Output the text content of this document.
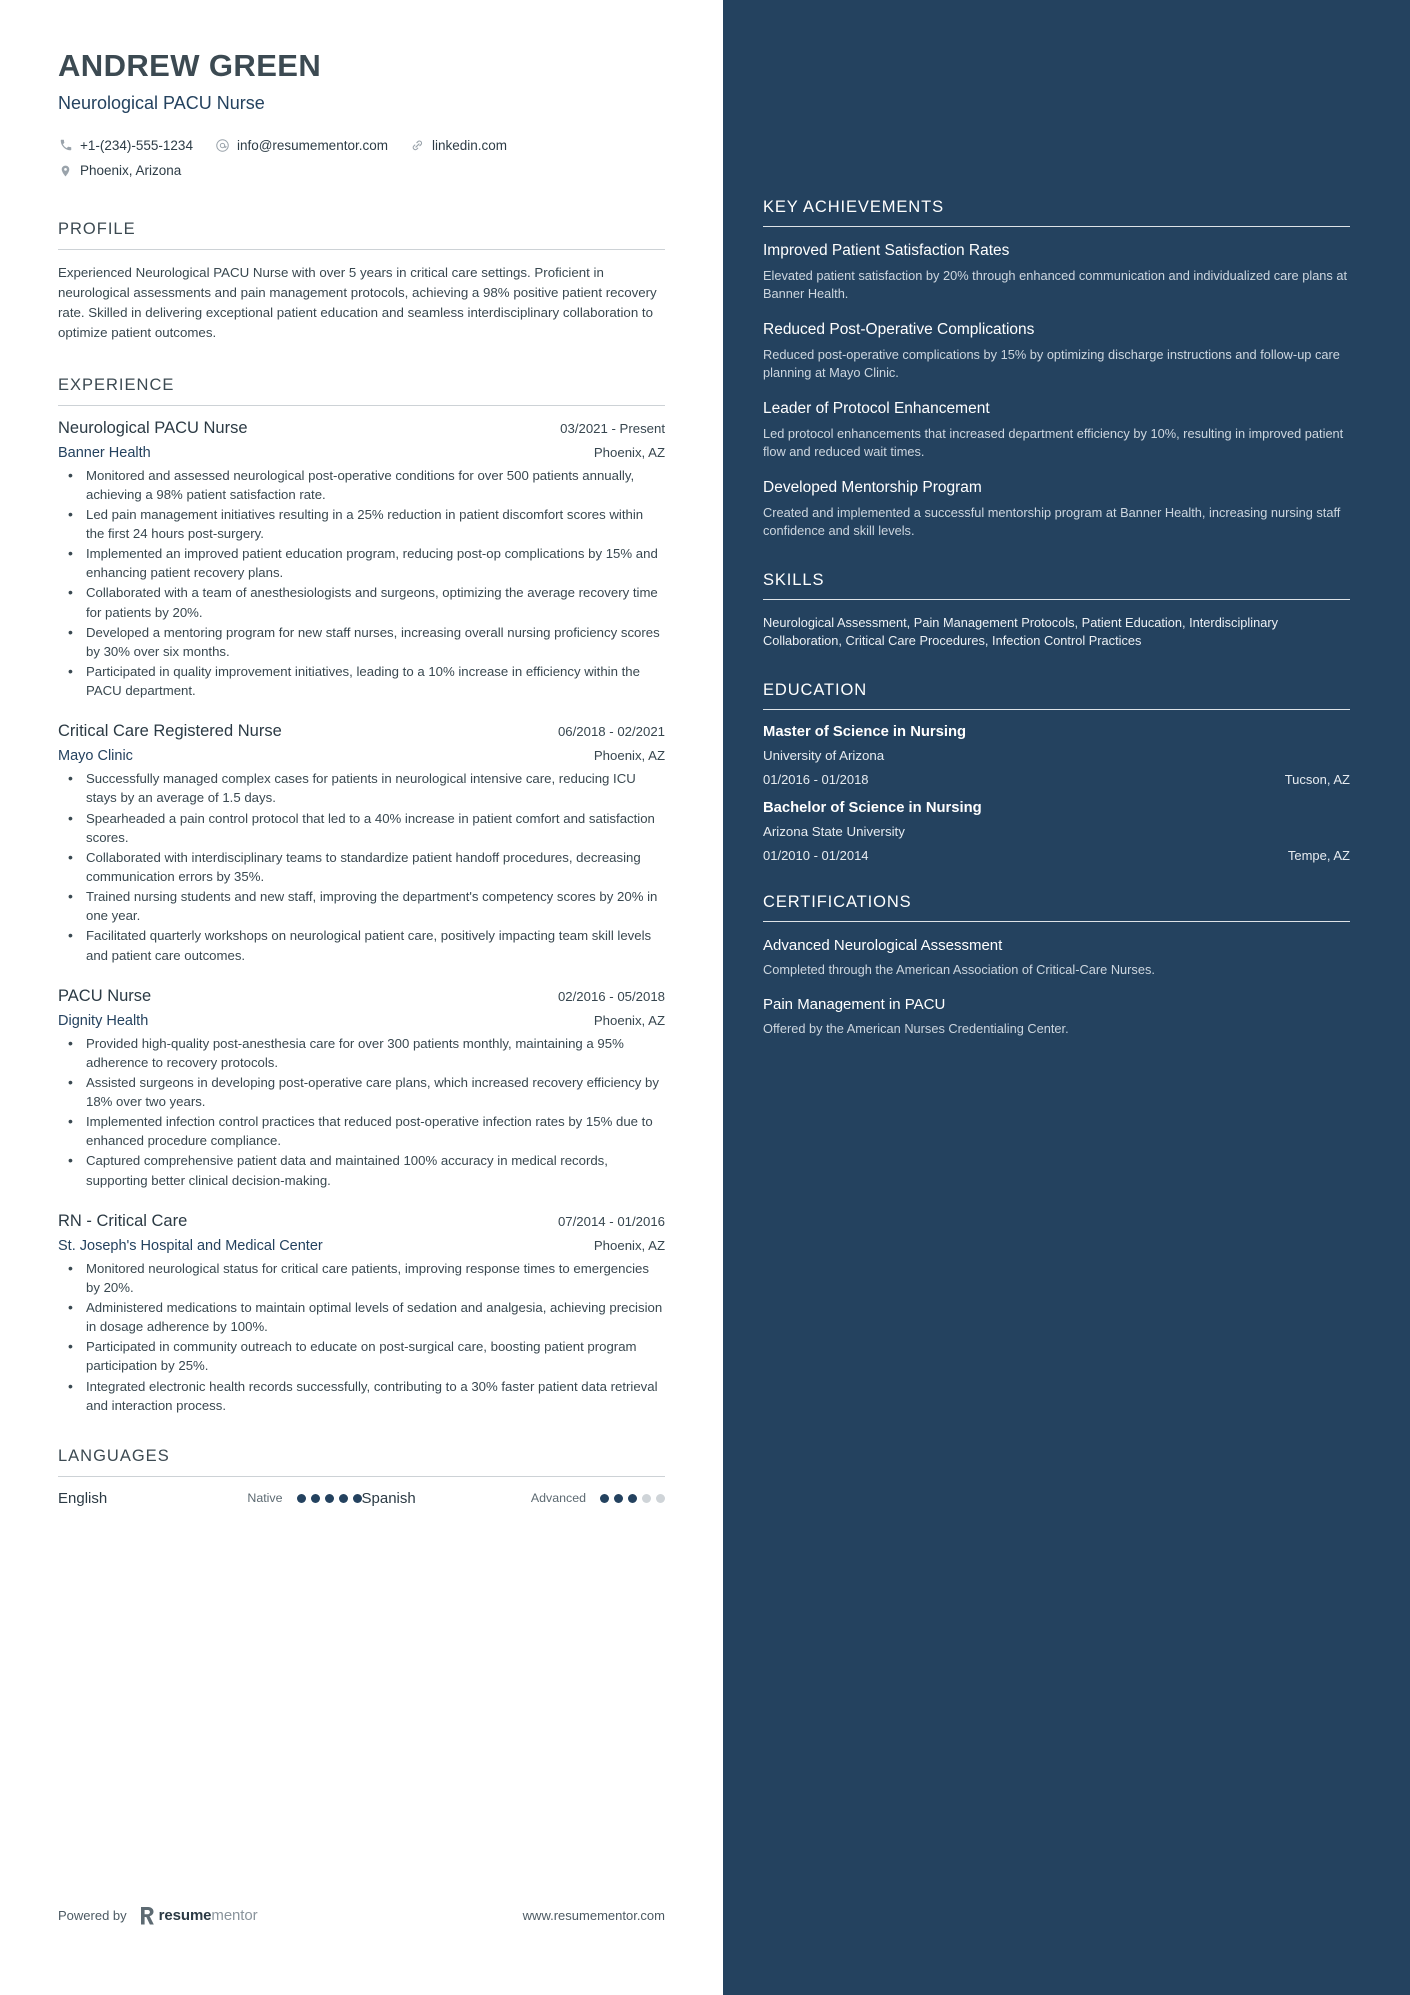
ANDREW GREEN
Neurological PACU Nurse
+1-(234)-555-1234	info@resumementor.com	linkedin.com
Phoenix, Arizona
PROFILE
Experienced Neurological PACU Nurse with over 5 years in critical care settings. Proficient in neurological assessments and pain management protocols, achieving a 98% positive patient recovery rate. Skilled in delivering exceptional patient education and seamless interdisciplinary collaboration to optimize patient outcomes.
EXPERIENCE
Neurological PACU Nurse	03/2021 - Present
Banner Health	Phoenix, AZ
• Monitored and assessed neurological post-operative conditions for over 500 patients annually, achieving a 98% patient satisfaction rate.
• Led pain management initiatives resulting in a 25% reduction in patient discomfort scores within the first 24 hours post-surgery.
• Implemented an improved patient education program, reducing post-op complications by 15% and enhancing patient recovery plans.
• Collaborated with a team of anesthesiologists and surgeons, optimizing the average recovery time for patients by 20%.
• Developed a mentoring program for new staff nurses, increasing overall nursing proficiency scores by 30% over six months.
• Participated in quality improvement initiatives, leading to a 10% increase in efficiency within the PACU department.
Critical Care Registered Nurse	06/2018 - 02/2021
Mayo Clinic	Phoenix, AZ
• Successfully managed complex cases for patients in neurological intensive care, reducing ICU stays by an average of 1.5 days.
• Spearheaded a pain control protocol that led to a 40% increase in patient comfort and satisfaction scores.
• Collaborated with interdisciplinary teams to standardize patient handoff procedures, decreasing communication errors by 35%.
• Trained nursing students and new staff, improving the department's competency scores by 20% in one year.
• Facilitated quarterly workshops on neurological patient care, positively impacting team skill levels and patient care outcomes.
PACU Nurse	02/2016 - 05/2018
Dignity Health	Phoenix, AZ
• Provided high-quality post-anesthesia care for over 300 patients monthly, maintaining a 95% adherence to recovery protocols.
• Assisted surgeons in developing post-operative care plans, which increased recovery efficiency by 18% over two years.
• Implemented infection control practices that reduced post-operative infection rates by 15% due to enhanced procedure compliance.
• Captured comprehensive patient data and maintained 100% accuracy in medical records, supporting better clinical decision-making.
RN - Critical Care	07/2014 - 01/2016
St. Joseph's Hospital and Medical Center	Phoenix, AZ
• Monitored neurological status for critical care patients, improving response times to emergencies by 20%.
• Administered medications to maintain optimal levels of sedation and analgesia, achieving precision in dosage adherence by 100%.
• Participated in community outreach to educate on post-surgical care, boosting patient program participation by 25%.
• Integrated electronic health records successfully, contributing to a 30% faster patient data retrieval and interaction process.
LANGUAGES
English	Native	Spanish	Advanced
Powered by resumementor	www.resumementor.com
KEY ACHIEVEMENTS
Improved Patient Satisfaction Rates
Elevated patient satisfaction by 20% through enhanced communication and individualized care plans at Banner Health.
Reduced Post-Operative Complications
Reduced post-operative complications by 15% by optimizing discharge instructions and follow-up care planning at Mayo Clinic.
Leader of Protocol Enhancement
Led protocol enhancements that increased department efficiency by 10%, resulting in improved patient flow and reduced wait times.
Developed Mentorship Program
Created and implemented a successful mentorship program at Banner Health, increasing nursing staff confidence and skill levels.
SKILLS
Neurological Assessment, Pain Management Protocols, Patient Education, Interdisciplinary Collaboration, Critical Care Procedures, Infection Control Practices
EDUCATION
Master of Science in Nursing
University of Arizona
01/2016 - 01/2018	Tucson, AZ
Bachelor of Science in Nursing
Arizona State University
01/2010 - 01/2014	Tempe, AZ
CERTIFICATIONS
Advanced Neurological Assessment
Completed through the American Association of Critical-Care Nurses.
Pain Management in PACU
Offered by the American Nurses Credentialing Center.
